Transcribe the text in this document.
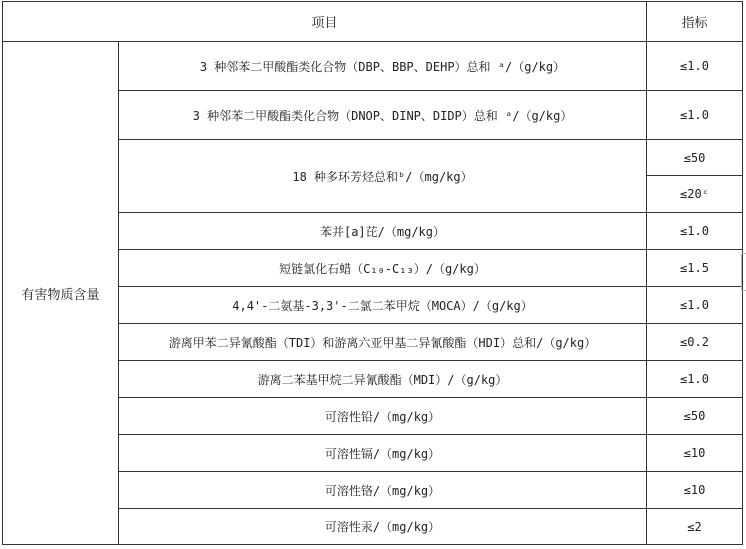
项目		指标
有害物质含量	3 种邻苯二甲酸酯类化合物（DBP、BBP、DEHP）总和 ᵃ/（g/kg）	≤1.0
	3 种邻苯二甲酸酯类化合物（DNOP、DINP、DIDP）总和 ᵃ/（g/kg）	≤1.0
	18 种多环芳烃总和ᵇ/（mg/kg）	≤50
		≤20ᶜ
	苯并[a]芘/（mg/kg）	≤1.0
	短链氯化石蜡（C₁₀-C₁₃）/（g/kg）	≤1.5
	4,4'-二氨基-3,3'-二氯二苯甲烷（MOCA）/（g/kg）	≤1.0
	游离甲苯二异氰酸酯（TDI）和游离六亚甲基二异氰酸酯（HDI）总和/（g/kg）	≤0.2
	游离二苯基甲烷二异氰酸酯（MDI）/（g/kg）	≤1.0
	可溶性铅/（mg/kg）	≤50
	可溶性镉/（mg/kg）	≤10
	可溶性铬/（mg/kg）	≤10
	可溶性汞/（mg/kg）	≤2
